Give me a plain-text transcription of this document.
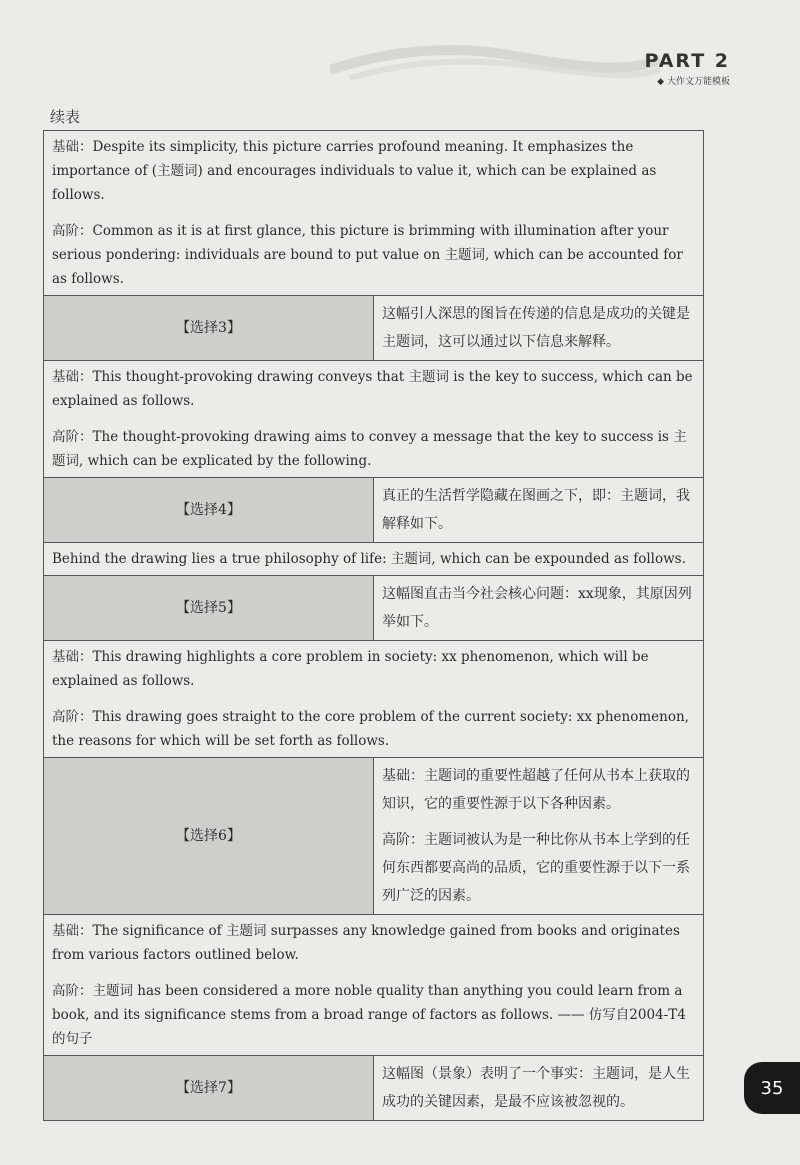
PART 2
◆ 大作文万能模板
续表

基础：Despite its simplicity, this picture carries profound meaning. It emphasizes the importance of (主题词) and encourages individuals to value it, which can be explained as follows.

高阶：Common as it is at first glance, this picture is brimming with illumination after your serious pondering: individuals are bound to put value on 主题词, which can be accounted for as follows.	

【选择3】	这幅引人深思的图旨在传递的信息是成功的关键是主题词，这可以通过以下信息来解释。

基础：This thought-provoking drawing conveys that 主题词 is the key to success, which can be explained as follows.

高阶：The thought-provoking drawing aims to convey a message that the key to success is 主题词, which can be explicated by the following.	

【选择4】	真正的生活哲学隐藏在图画之下，即：主题词，我解释如下。

Behind the drawing lies a true philosophy of life: 主题词, which can be expounded as follows.	

【选择5】	这幅图直击当今社会核心问题：xx现象，其原因列举如下。

基础：This drawing highlights a core problem in society: xx phenomenon, which will be explained as follows.

高阶：This drawing goes straight to the core problem of the current society: xx phenomenon, the reasons for which will be set forth as follows.	

【选择6】	基础：主题词的重要性超越了任何从书本上获取的知识，它的重要性源于以下各种因素。

高阶：主题词被认为是一种比你从书本上学到的任何东西都要高尚的品质，它的重要性源于以下一系列广泛的因素。

基础：The significance of 主题词 surpasses any knowledge gained from books and originates from various factors outlined below.

高阶：主题词 has been considered a more noble quality than anything you could learn from a book, and its significance stems from a broad range of factors as follows. —— 仿写自2004-T4的句子	

【选择7】	这幅图（景象）表明了一个事实：主题词，是人生成功的关键因素，是最不应该被忽视的。
35
